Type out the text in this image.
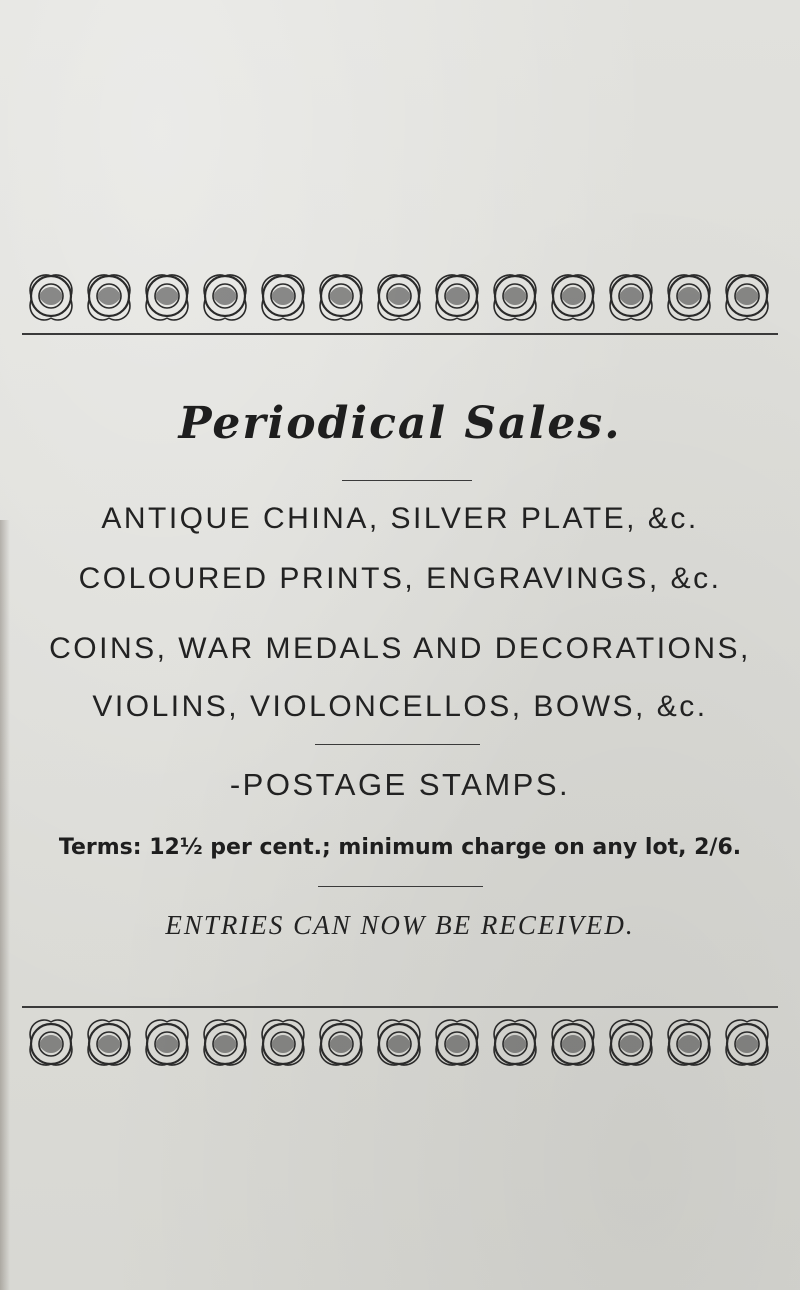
Periodical Sales.
ANTIQUE CHINA, SILVER PLATE, &c.
COLOURED PRINTS, ENGRAVINGS, &c.
COINS, WAR MEDALS AND DECORATIONS,
VIOLINS, VIOLONCELLOS, BOWS, &c.
-POSTAGE STAMPS.
Terms: 12½ per cent.; minimum charge on any lot, 2/6.
ENTRIES CAN NOW BE RECEIVED.
